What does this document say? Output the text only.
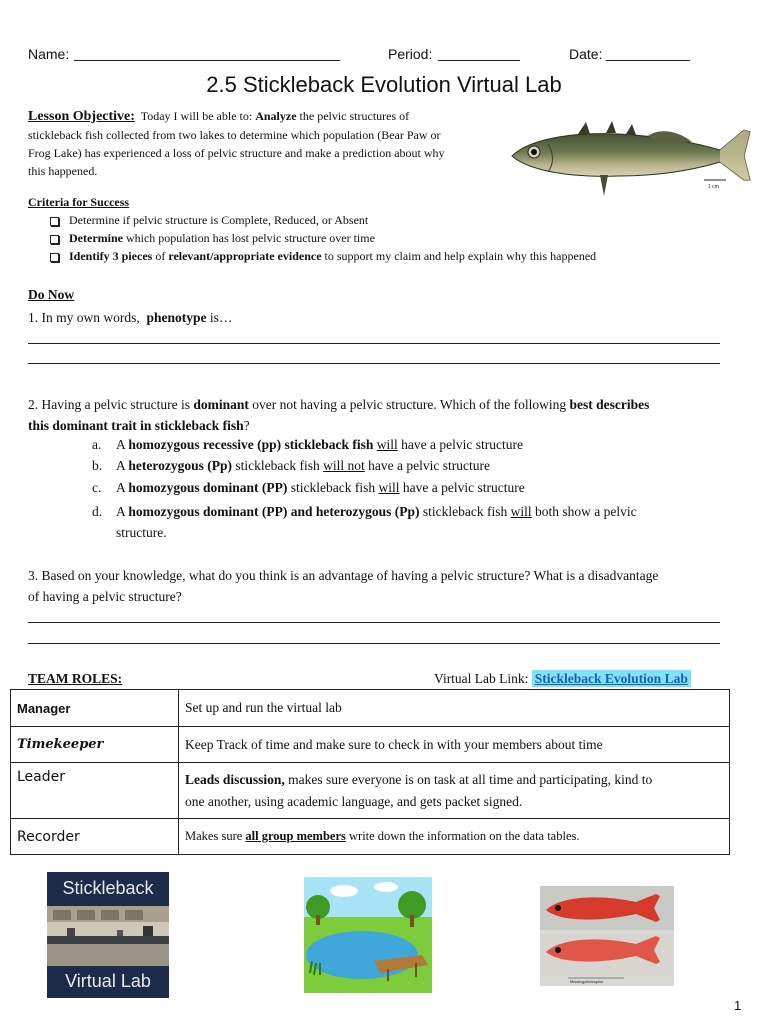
Name:	Period:	Date:
2.5 Stickleback Evolution Virtual Lab
Lesson Objective: Today I will be able to: Analyze the pelvic structures of
stickleback fish collected from two lakes to determine which population (Bear Paw or
Frog Lake) has experienced a loss of pelvic structure and make a prediction about why
this happened.
1 cm
Criteria for Success
Determine if pelvic structure is Complete, Reduced, or Absent
Determine which population has lost pelvic structure over time
Identify 3 pieces of relevant/appropriate evidence to support my claim and help explain why this happened
Do Now
1. In my own words, phenotype is…
2. Having a pelvic structure is dominant over not having a pelvic structure. Which of the following best describes
this dominant trait in stickleback fish?
a. A homozygous recessive (pp) stickleback fish will have a pelvic structure
b. A heterozygous (Pp) stickleback fish will not have a pelvic structure
c. A homozygous dominant (PP) stickleback fish will have a pelvic structure
d. A homozygous dominant (PP) and heterozygous (Pp) stickleback fish will both show a pelvic
structure.
3. Based on your knowledge, what do you think is an advantage of having a pelvic structure? What is a disadvantage
of having a pelvic structure?
TEAM ROLES:	Virtual Lab Link: Stickleback Evolution Lab
Manager	Set up and run the virtual lab
Timekeeper	Keep Track of time and make sure to check in with your members about time
Leader	Leads discussion, makes sure everyone is on task at all time and participating, kind to
one another, using academic language, and gets packet signed.
Recorder	Makes sure all group members write down the information on the data tables.
Stickleback
Virtual Lab	Missingpelvicspine
1
